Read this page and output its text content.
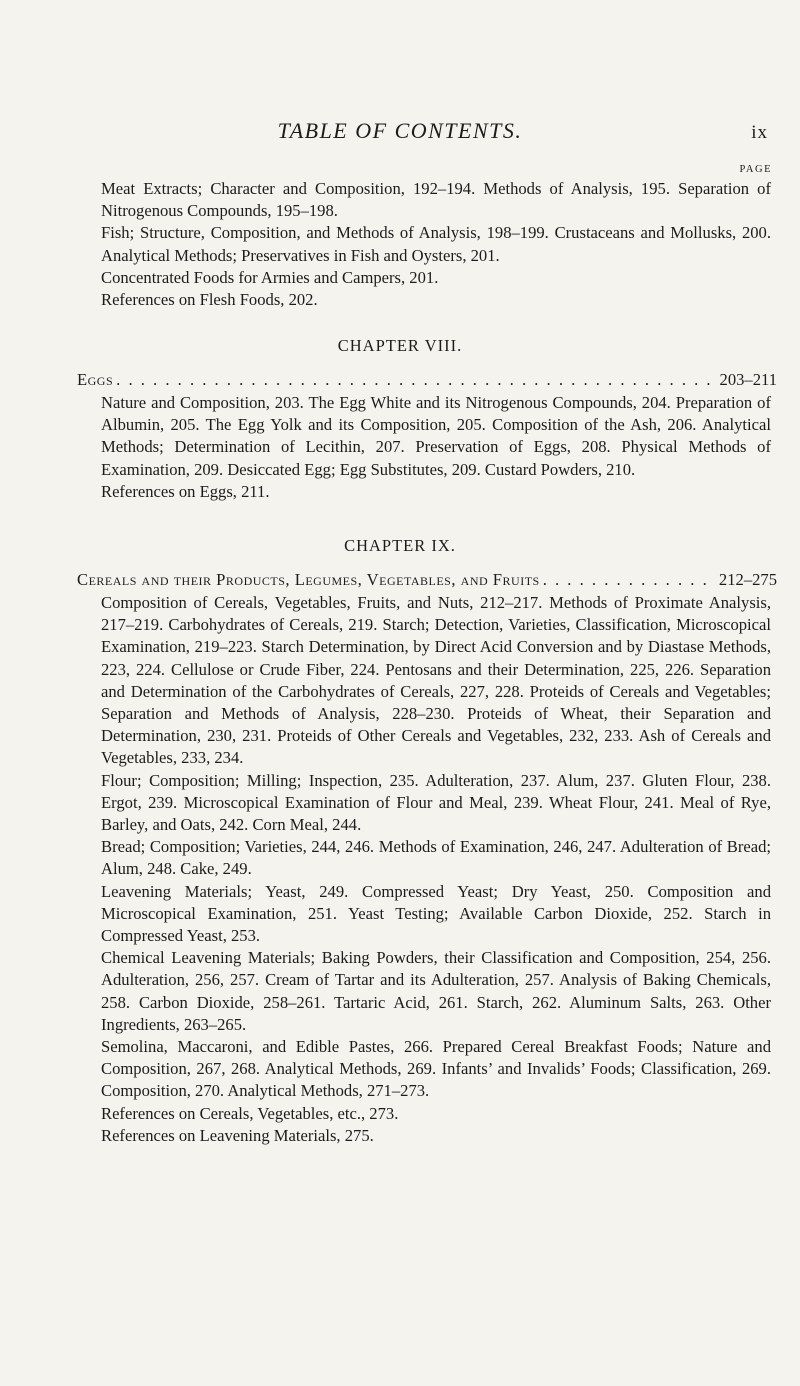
TABLE OF CONTENTS.	ix
PAGE

Meat Extracts; Character and Composition, 192–194. Methods of Analysis, 195. Separation of Nitrogenous Compounds, 195–198.

Fish; Structure, Composition, and Methods of Analysis, 198–199. Crustaceans and Mollusks, 200. Analytical Methods; Preservatives in Fish and Oysters, 201.

Concentrated Foods for Armies and Campers, 201.

References on Flesh Foods, 202.

CHAPTER VIII.
Eggs . . .	203–211

Nature and Composition, 203. The Egg White and its Nitrogenous Compounds, 204. Preparation of Albumin, 205. The Egg Yolk and its Composition, 205. Composition of the Ash, 206. Analytical Methods; Determination of Lecithin, 207. Preservation of Eggs, 208. Physical Methods of Examination, 209. Desiccated Egg; Egg Substitutes, 209. Custard Powders, 210.

References on Eggs, 211.

CHAPTER IX.
Cereals and their Products, Legumes, Vegetables, and Fruits . . .	212–275

Composition of Cereals, Vegetables, Fruits, and Nuts, 212–217. Methods of Proximate Analysis, 217–219. Carbohydrates of Cereals, 219. Starch; Detection, Varieties, Classification, Microscopical Examination, 219–223. Starch Determination, by Direct Acid Conversion and by Diastase Methods, 223, 224. Cellulose or Crude Fiber, 224. Pentosans and their Determination, 225, 226. Separation and Determination of the Carbohydrates of Cereals, 227, 228. Proteids of Cereals and Vegetables; Separation and Methods of Analysis, 228–230. Proteids of Wheat, their Separation and Determination, 230, 231. Proteids of Other Cereals and Vegetables, 232, 233. Ash of Cereals and Vegetables, 233, 234.

Flour; Composition; Milling; Inspection, 235. Adulteration, 237. Alum, 237. Gluten Flour, 238. Ergot, 239. Microscopical Examination of Flour and Meal, 239. Wheat Flour, 241. Meal of Rye, Barley, and Oats, 242. Corn Meal, 244.

Bread; Composition; Varieties, 244, 246. Methods of Examination, 246, 247. Adulteration of Bread; Alum, 248. Cake, 249.

Leavening Materials; Yeast, 249. Compressed Yeast; Dry Yeast, 250. Composition and Microscopical Examination, 251. Yeast Testing; Available Carbon Dioxide, 252. Starch in Compressed Yeast, 253.

Chemical Leavening Materials; Baking Powders, their Classification and Composition, 254, 256. Adulteration, 256, 257. Cream of Tartar and its Adulteration, 257. Analysis of Baking Chemicals, 258. Carbon Dioxide, 258–261. Tartaric Acid, 261. Starch, 262. Aluminum Salts, 263. Other Ingredients, 263–265.

Semolina, Maccaroni, and Edible Pastes, 266. Prepared Cereal Breakfast Foods; Nature and Composition, 267, 268. Analytical Methods, 269. Infants’ and Invalids’ Foods; Classification, 269. Composition, 270. Analytical Methods, 271–273.

References on Cereals, Vegetables, etc., 273.

References on Leavening Materials, 275.
